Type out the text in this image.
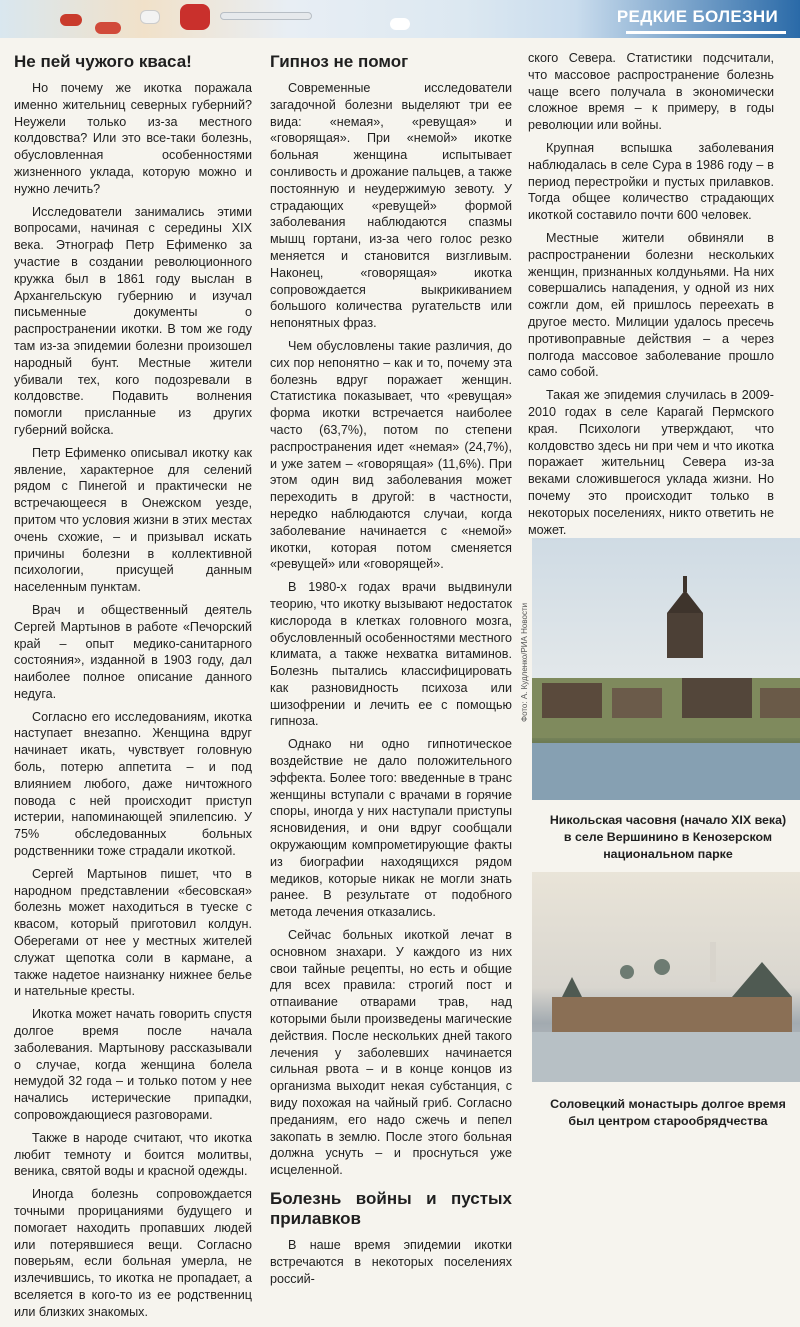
РЕДКИЕ БОЛЕЗНИ
Не пей чужого кваса!

Но почему же икотка поражала именно жительниц северных губерний? Неужели только из-за местного колдовства? Или это все-таки болезнь, обусловленная особенностями жизненного уклада, которую можно и нужно лечить?

Исследователи занимались этими вопросами, начиная с середины XIX века. Этнограф Петр Ефименко за участие в создании революционного кружка был в 1861 году выслан в Архангельскую губернию и изучал письменные документы о распространении икотки. В том же году там из-за эпидемии болезни произошел народный бунт. Местные жители убивали тех, кого подозревали в колдовстве. Подавить волнения помогли присланные из других губерний войска.

Петр Ефименко описывал икотку как явление, характерное для селений рядом с Пинегой и практически не встречающееся в Онежском уезде, притом что условия жизни в этих местах очень схожие, – и призывал искать причины болезни в коллективной психологии, присущей данным населенным пунктам.

Врач и общественный деятель Сергей Мартынов в работе «Печорский край – опыт медико-санитарного состояния», изданной в 1903 году, дал наиболее полное описание данного недуга.

Согласно его исследованиям, икотка наступает внезапно. Женщина вдруг начинает икать, чувствует головную боль, потерю аппетита – и под влиянием любого, даже ничтожного повода с ней происходит приступ истерии, напоминающей эпилепсию. У 75% обследованных больных родственники тоже страдали икоткой.

Сергей Мартынов пишет, что в народном представлении «бесовская» болезнь может находиться в туеске с квасом, который приготовил колдун. Оберегами от нее у местных жителей служат щепотка соли в кармане, а также надетое наизнанку нижнее белье и нательные кресты.

Икотка может начать говорить спустя долгое время после начала заболевания. Мартынову рассказывали о случае, когда женщина болела немудой 32 года – и только потом у нее начались истерические припадки, сопровождающиеся разговорами.

Также в народе считают, что икотка любит темноту и боится молитвы, веника, святой воды и красной одежды.

Иногда болезнь сопровождается точными прорицаниями будущего и помогает находить пропавших людей или потерявшиеся вещи. Согласно поверьям, если больная умерла, не излечившись, то икотка не пропадает, а вселяется в кого-то из ее родственниц или близких знакомых.

Гипноз не помог

Современные исследователи загадочной болезни выделяют три ее вида: «немая», «ревущая» и «говорящая». При «немой» икотке больная женщина испытывает сонливость и дрожание пальцев, а также постоянную и неудержимую зевоту. У страдающих «ревущей» формой заболевания наблюдаются спазмы мышц гортани, из-за чего голос резко меняется и становится визгливым. Наконец, «говорящая» икотка сопровождается выкрикиванием большого количества ругательств или непонятных фраз.

Чем обусловлены такие различия, до сих пор непонятно – как и то, почему эта болезнь вдруг поражает женщин. Статистика показывает, что «ревущая» форма икотки встречается наиболее часто (63,7%), потом по степени распространения идет «немая» (24,7%), и уже затем – «говорящая» (11,6%). При этом один вид заболевания может переходить в другой: в частности, нередко наблюдаются случаи, когда заболевание начинается с «немой» икотки, которая потом сменяется «ревущей» или «говорящей».

В 1980-х годах врачи выдвинули теорию, что икотку вызывают недостаток кислорода в клетках головного мозга, обусловленный особенностями местного климата, а также нехватка витаминов. Болезнь пытались классифицировать как разновидность психоза или шизофрении и лечить ее с помощью гипноза.

Однако ни одно гипнотическое воздействие не дало положительного эффекта. Более того: введенные в транс женщины вступали с врачами в горячие споры, иногда у них наступали приступы ясновидения, и они вдруг сообщали окружающим компрометирующие факты из биографии находящихся рядом медиков, которые никак не могли знать ранее. В результате от подобного метода лечения отказались.

Сейчас больных икоткой лечат в основном знахари. У каждого из них свои тайные рецепты, но есть и общие для всех правила: строгий пост и отпаивание отварами трав, над которыми были произведены магические действия. После нескольких дней такого лечения у заболевших начинается сильная рвота – и в конце концов из организма выходит некая субстанция, с виду похожая на чайный гриб. Согласно преданиям, его надо сжечь и пепел закопать в землю. После этого больная должна уснуть – и проснуться уже исцеленной.

Болезнь войны и пустых прилавков

В наше время эпидемии икотки встречаются в некоторых поселениях россий-

ского Севера. Статистики подсчитали, что массовое распространение болезнь чаще всего получала в экономически сложное время – к примеру, в годы революции или войны.

Крупная вспышка заболевания наблюдалась в селе Сура в 1986 году – в период перестройки и пустых прилавков. Тогда общее количество страдающих икоткой составило почти 600 человек.

Местные жители обвиняли в распространении болезни нескольких женщин, признанных колдуньями. На них совершались нападения, у одной из них сожгли дом, ей пришлось переехать в другое место. Милиции удалось пресечь противоправные действия – а через полгода массовое заболевание прошло само собой.

Такая же эпидемия случилась в 2009-2010 годах в селе Карагай Пермского края. Психологи утверждают, что колдовство здесь ни при чем и что икотка поражает жительниц Севера из-за веками сложившегося уклада жизни. Но почему это происходит только в некоторых поселениях, никто ответить не может.

Фото: А. Кудленко/РИА Новости
Никольская часовня (начало XIX века) в селе Вершинино в Кенозерском национальном парке
Соловецкий монастырь долгое время был центром старообрядчества
